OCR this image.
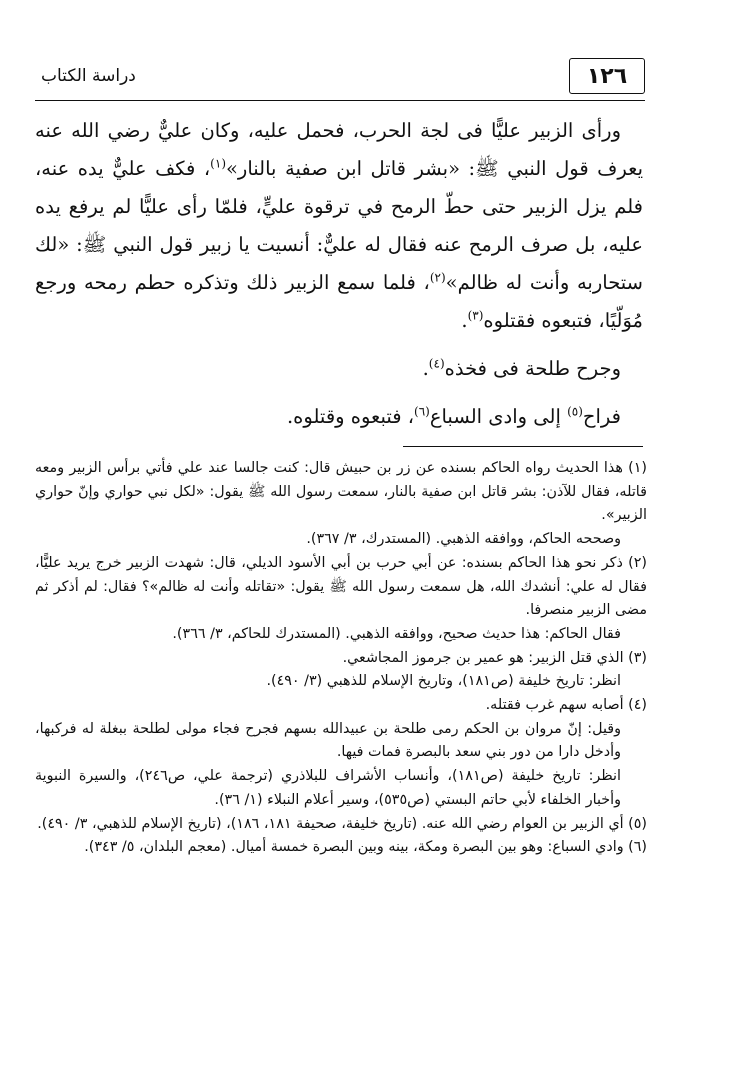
١٢٦
دراسة الكتاب

ورأى الزبير عليًّا فى لجة الحرب، فحمل عليه، وكان عليٌّ رضي الله عنه يعرف قول النبي ﷺ: «بشر قاتل ابن صفية بالنار»$^{(١)}$، فكف عليٌّ يده عنه، فلم يزل الزبير حتى حطّ الرمح في ترقوة عليٍّ، فلمّا رأى عليًّا لم يرفع يده عليه، بل صرف الرمح عنه فقال له عليٌّ: أنسيت يا زبير قول النبي ﷺ: «لك ستحاربه وأنت له ظالم»$^{(٢)}$، فلما سمع الزبير ذلك وتذكره حطم رمحه ورجع مُوَلّيًا، فتبعوه فقتلوه$^{(٣)}$.

وجرح طلحة فى فخذه$^{(٤)}$.

فراح$^{(٥)}$ إلى وادى السباع$^{(٦)}$، فتبعوه وقتلوه.

(١) هذا الحديث رواه الحاكم بسنده عن زر بن حبيش قال: كنت جالسا عند علي فأتي برأس الزبير ومعه قاتله، فقال للآذن: بشر قاتل ابن صفية بالنار، سمعت رسول الله ﷺ يقول: «لكل نبي حواري وإنّ حواري الزبير».

وصححه الحاكم، ووافقه الذهبي. (المستدرك، ٣/ ٣٦٧).

(٢) ذكر نحو هذا الحاكم بسنده: عن أبي حرب بن أبي الأسود الديلي، قال: شهدت الزبير خرج يريد عليًّا، فقال له علي: أنشدك الله، هل سمعت رسول الله ﷺ يقول: «تقاتله وأنت له ظالم»؟ فقال: لم أذكر ثم مضى الزبير منصرفا.

فقال الحاكم: هذا حديث صحيح، ووافقه الذهبي. (المستدرك للحاكم، ٣/ ٣٦٦).

(٣) الذي قتل الزبير: هو عمير بن جرموز المجاشعي.

انظر: تاريخ خليفة (ص١٨١)، وتاريخ الإسلام للذهبي (٣/ ٤٩٠).

(٤) أصابه سهم غرب فقتله.

وقيل: إنّ مروان بن الحكم رمى طلحة بن عبيدالله بسهم فجرح فجاء مولى لطلحة ببغلة له فركبها، وأدخل دارا من دور بني سعد بالبصرة فمات فيها.

انظر: تاريخ خليفة (ص١٨١)، وأنساب الأشراف للبلاذري (ترجمة علي، ص٢٤٦)، والسيرة النبوية وأخبار الخلفاء لأبي حاتم البستي (ص٥٣٥)، وسير أعلام النبلاء (١/ ٣٦).

(٥) أي الزبير بن العوام رضي الله عنه. (تاريخ خليفة، صحيفة ١٨١، ١٨٦)، (تاريخ الإسلام للذهبي، ٣/ ٤٩٠).

(٦) وادي السباع: وهو بين البصرة ومكة، بينه وبين البصرة خمسة أميال. (معجم البلدان، ٥/ ٣٤٣).
